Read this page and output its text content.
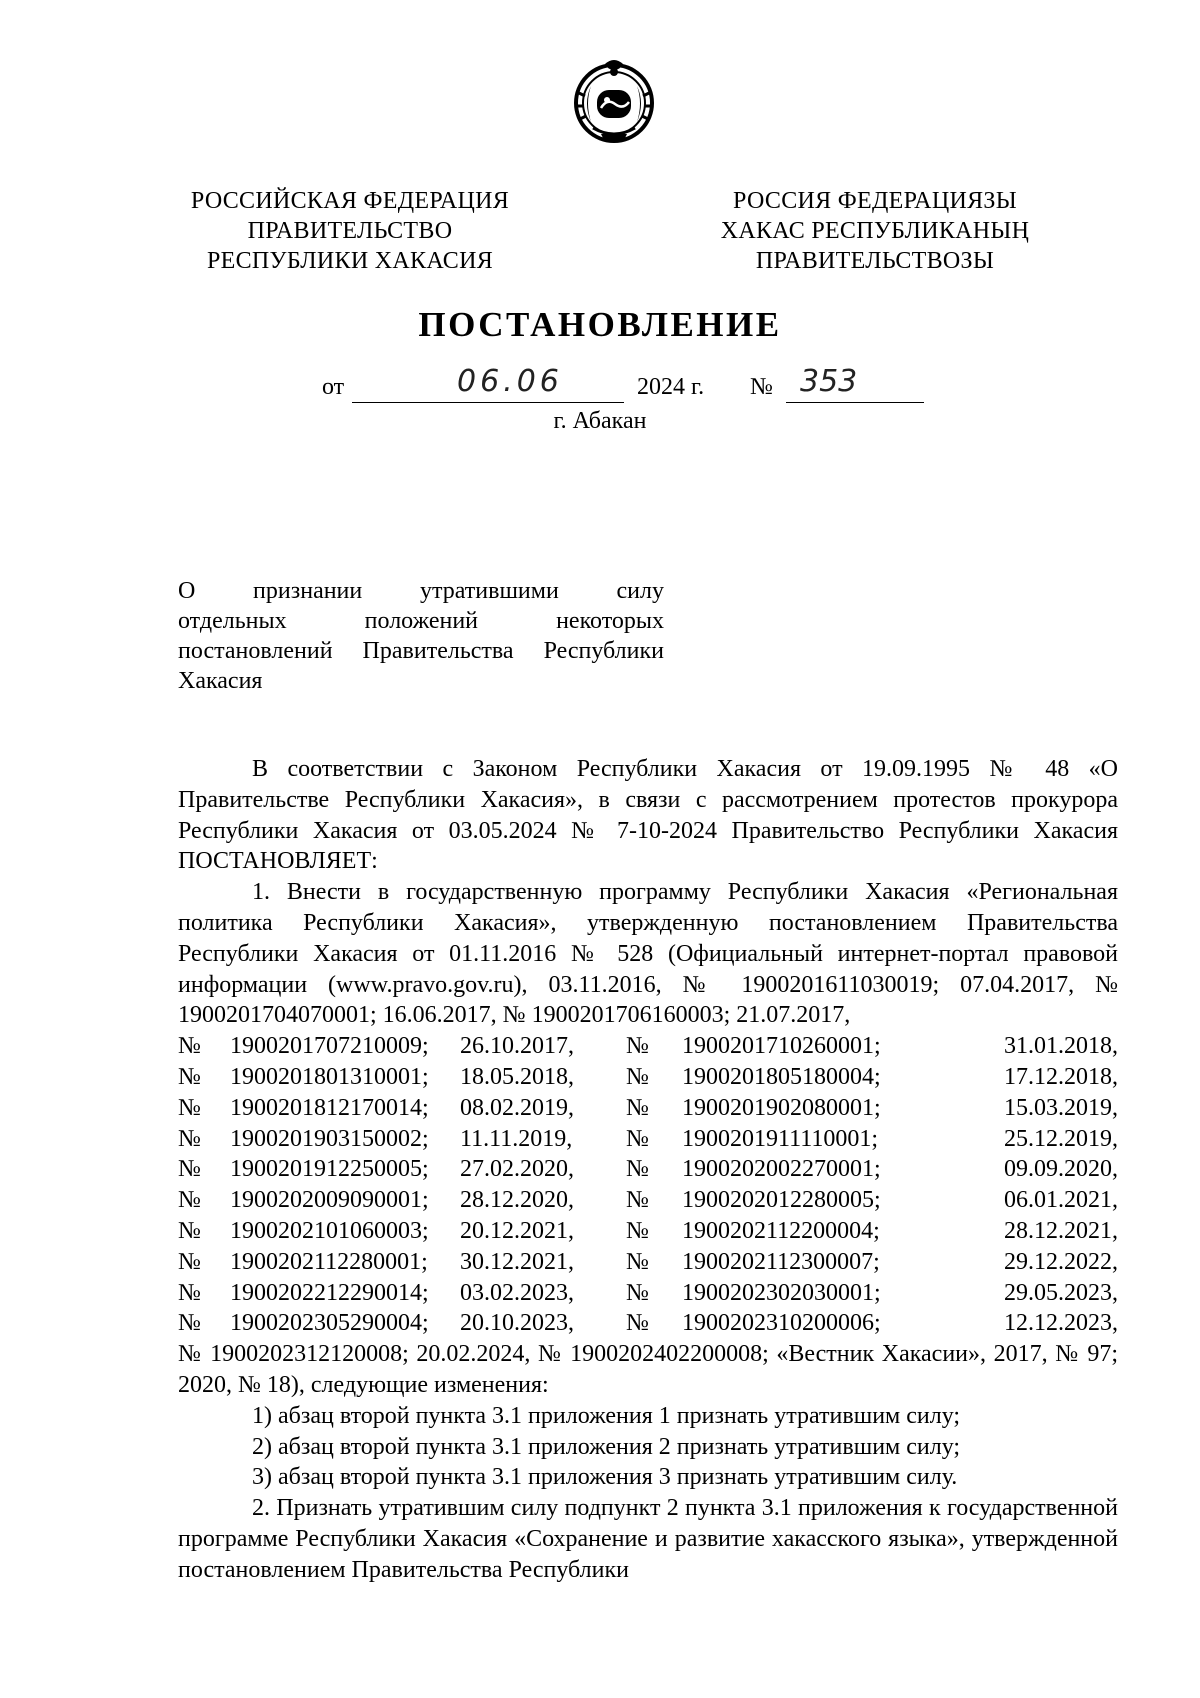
РОССИЙСКАЯ ФЕДЕРАЦИЯ
ПРАВИТЕЛЬСТВО
РЕСПУБЛИКИ ХАКАСИЯ
РОССИЯ ФЕДЕРАЦИЯЗЫ
ХАКАС РЕСПУБЛИКАНЫҢ
ПРАВИТЕЛЬСТВОЗЫ
ПОСТАНОВЛЕНИЕ
от	06.06	2024 г. № 353
г. Абакан
О признании утратившими силу
отдельных положений некоторых
постановлений Правительства Республики
Хакасия

В соответствии с Законом Республики Хакасия от 19.09.1995 № 48 «О Правительстве Республики Хакасия», в связи с рассмотрением протестов прокурора Республики Хакасия от 03.05.2024 № 7-10-2024 Правительство Республики Хакасия ПОСТАНОВЛЯЕТ:

1. Внести в государственную программу Республики Хакасия «Региональная политика Республики Хакасия», утвержденную постановлением Правительства Республики Хакасия от 01.11.2016 № 528 (Официальный интернет-портал правовой информации (www.pravo.gov.ru), 03.11.2016, № 1900201611030019; 07.04.2017, № 1900201704070001; 16.06.2017, № 1900201706160003; 21.07.2017,

№	1900201707210009;	26.10.2017,	№	1900201710260001;	31.01.2018,
№	1900201801310001;	18.05.2018,	№	1900201805180004;	17.12.2018,
№	1900201812170014;	08.02.2019,	№	1900201902080001;	15.03.2019,
№	1900201903150002;	11.11.2019,	№	1900201911110001;	25.12.2019,
№	1900201912250005;	27.02.2020,	№	1900202002270001;	09.09.2020,
№	1900202009090001;	28.12.2020,	№	1900202012280005;	06.01.2021,
№	1900202101060003;	20.12.2021,	№	1900202112200004;	28.12.2021,
№	1900202112280001;	30.12.2021,	№	1900202112300007;	29.12.2022,
№	1900202212290014;	03.02.2023,	№	1900202302030001;	29.05.2023,
№	1900202305290004;	20.10.2023,	№	1900202310200006;	12.12.2023,

№ 1900202312120008; 20.02.2024, № 1900202402200008; «Вестник Хакасии», 2017, № 97; 2020, № 18), следующие изменения:

1) абзац второй пункта 3.1 приложения 1 признать утратившим силу;

2) абзац второй пункта 3.1 приложения 2 признать утратившим силу;

3) абзац второй пункта 3.1 приложения 3 признать утратившим силу.

2. Признать утратившим силу подпункт 2 пункта 3.1 приложения к государственной программе Республики Хакасия «Сохранение и развитие хакасского языка», утвержденной постановлением Правительства Республики
